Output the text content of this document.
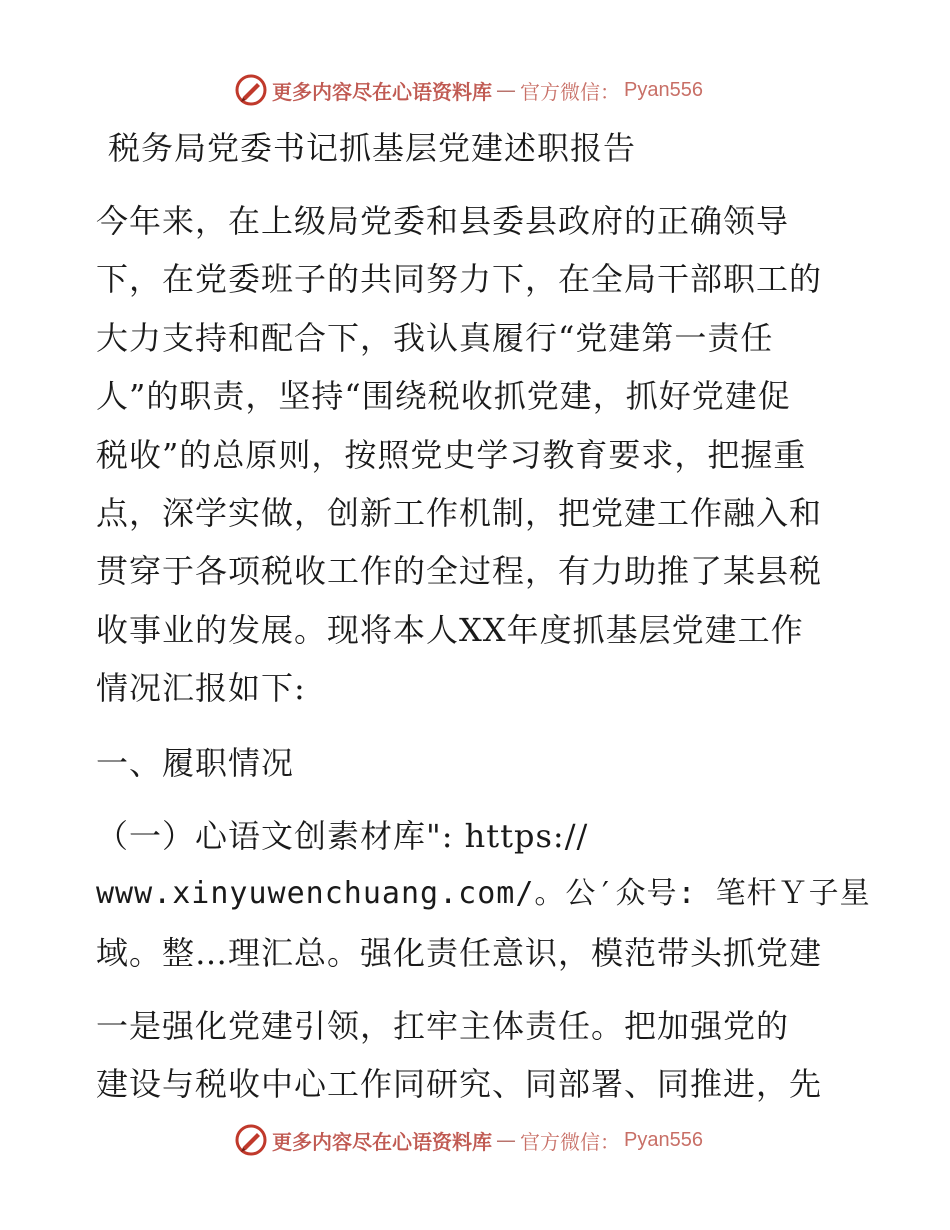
更多内容尽在心语资料库 — 官方微信： Pyan556
税务局党委书记抓基层党建述职报告
今年来，在上级局党委和县委县政府的正确领导
下，在党委班子的共同努力下，在全局干部职工的
大力支持和配合下，我认真履行“党建第一责任
人”的职责，坚持“围绕税收抓党建，抓好党建促
税收”的总原则，按照党史学习教育要求，把握重
点，深学实做，创新工作机制，把党建工作融入和
贯穿于各项税收工作的全过程，有力助推了某县税
收事业的发展。现将本人XX年度抓基层党建工作
情况汇报如下:
一、履职情况
（一）心语文创素材库": https://
www.xinyuwenchuang.com/。公′众号: 笔杆Ｙ子星
域。整…理汇总。强化责任意识，模范带头抓党建
一是强化党建引领，扛牢主体责任。把加强党的
建设与税收中心工作同研究、同部署、同推进，先
更多内容尽在心语资料库 — 官方微信： Pyan556
